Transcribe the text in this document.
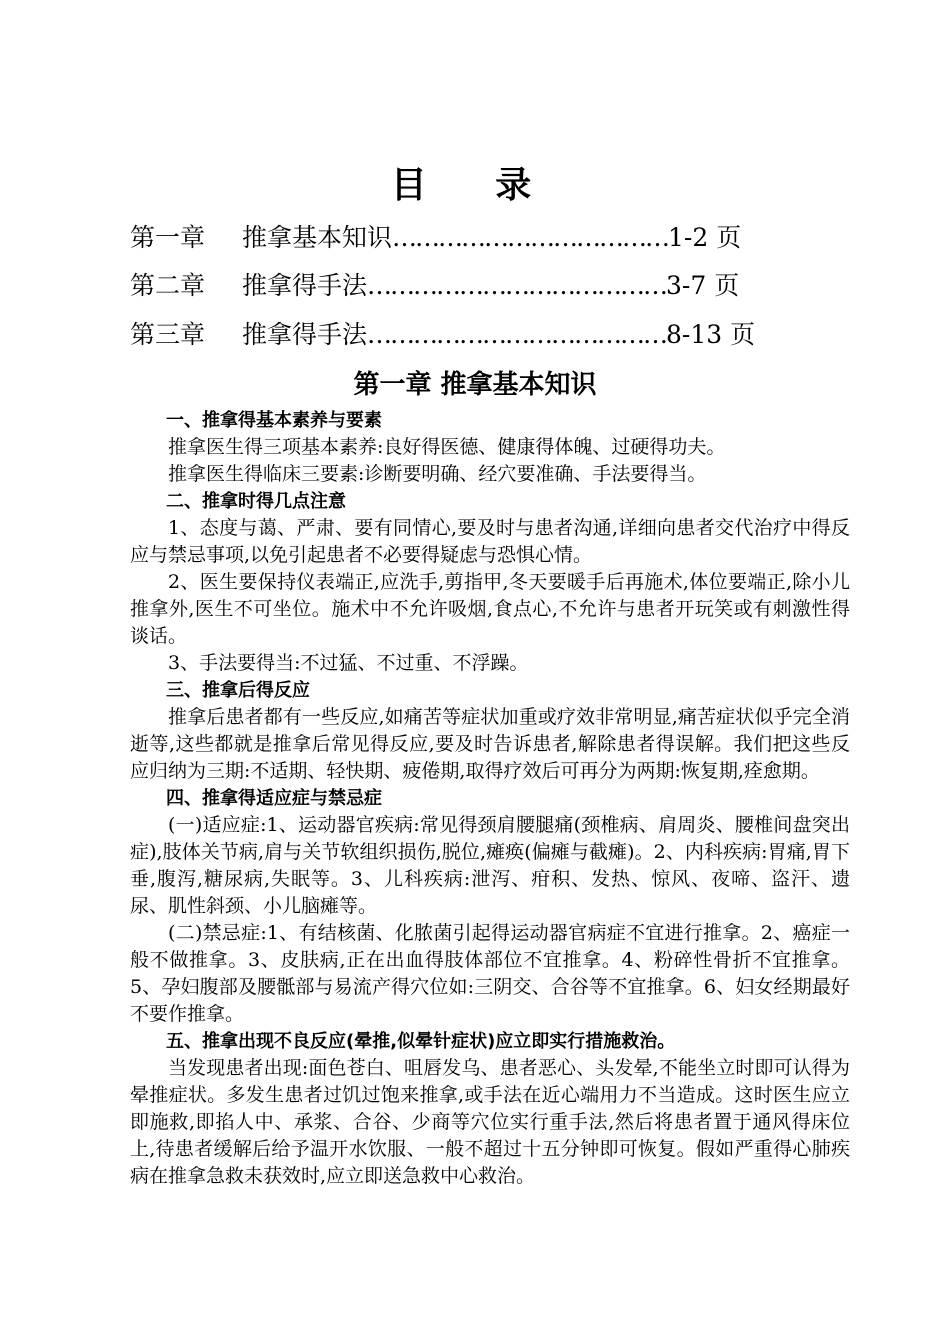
目 录
第一章	推拿基本知识 ……………………………… 1-2 页
第二章	推拿得手法 ………………………………… 3-7 页
第三章	推拿得手法 ………………………………… 8-13 页
第一章 推拿基本知识

一、推拿得基本素养与要素

推拿医生得三项基本素养:良好得医德、健康得体魄、过硬得功夫。

推拿医生得临床三要素:诊断要明确、经穴要准确、手法要得当。

二、推拿时得几点注意

1、态度与蔼、严肃、要有同情心,要及时与患者沟通,详细向患者交代治疗中得反应与禁忌事项,以免引起患者不必要得疑虑与恐惧心情。

2、医生要保持仪表端正,应洗手,剪指甲,冬天要暖手后再施术,体位要端正,除小儿推拿外,医生不可坐位。施术中不允许吸烟,食点心,不允许与患者开玩笑或有刺激性得谈话。

3、手法要得当:不过猛、不过重、不浮躁。

三、推拿后得反应

推拿后患者都有一些反应,如痛苦等症状加重或疗效非常明显,痛苦症状似乎完全消逝等,这些都就是推拿后常见得反应,要及时告诉患者,解除患者得误解。我们把这些反应归纳为三期:不适期、轻快期、疲倦期,取得疗效后可再分为两期:恢复期,痊愈期。

四、推拿得适应症与禁忌症

(一)适应症:1、运动器官疾病:常见得颈肩腰腿痛(颈椎病、肩周炎、腰椎间盘突出症),肢体关节病,肩与关节软组织损伤,脱位,瘫痪(偏瘫与截瘫)。2、内科疾病:胃痛,胃下垂,腹泻,糖尿病,失眠等。3、儿科疾病:泄泻、疳积、发热、惊风、夜啼、盗汗、遗尿、肌性斜颈、小儿脑瘫等。

(二)禁忌症:1、有结核菌、化脓菌引起得运动器官病症不宜进行推拿。2、癌症一般不做推拿。3、皮肤病,正在出血得肢体部位不宜推拿。4、粉碎性骨折不宜推拿。5、孕妇腹部及腰骶部与易流产得穴位如:三阴交、合谷等不宜推拿。6、妇女经期最好不要作推拿。

五、推拿出现不良反应(晕推,似晕针症状)应立即实行措施救治。

当发现患者出现:面色苍白、咀唇发乌、患者恶心、头发晕,不能坐立时即可认得为晕推症状。多发生患者过饥过饱来推拿,或手法在近心端用力不当造成。这时医生应立即施救,即掐人中、承浆、合谷、少商等穴位实行重手法,然后将患者置于通风得床位上,待患者缓解后给予温开水饮服、一般不超过十五分钟即可恢复。假如严重得心肺疾病在推拿急救未获效时,应立即送急救中心救治。
